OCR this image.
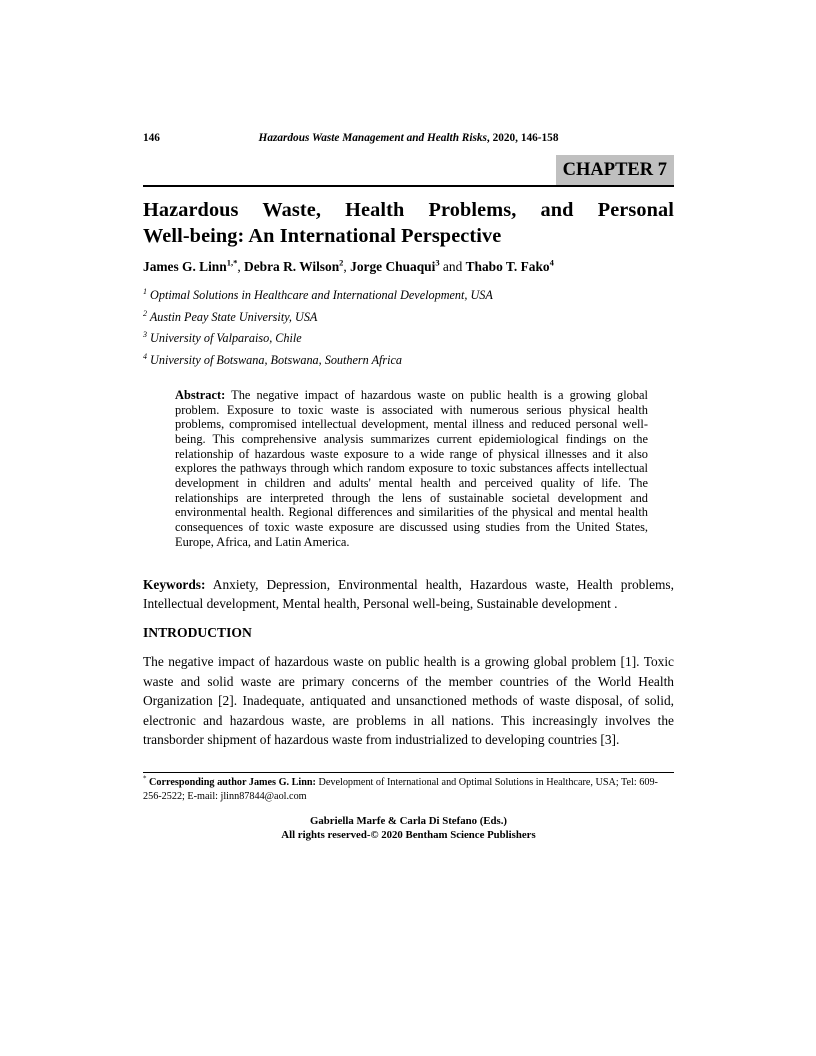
146	Hazardous Waste Management and Health Risks, 2020, 146-158
CHAPTER 7
Hazardous Waste, Health Problems, and Personal
Well-being: An International Perspective
James G. Linn$^{1,*}$, Debra R. Wilson$^2$, Jorge Chuaqui$^3$ and Thabo T. Fako$^4$
$^1$ Optimal Solutions in Healthcare and International Development, USA
$^2$ Austin Peay State University, USA
$^3$ University of Valparaiso, Chile
$^4$ University of Botswana, Botswana, Southern Africa
Abstract: The negative impact of hazardous waste on public health is a growing global problem. Exposure to toxic waste is associated with numerous serious physical health problems, compromised intellectual development, mental illness and reduced personal well-being. This comprehensive analysis summarizes current epidemiological findings on the relationship of hazardous waste exposure to a wide range of physical illnesses and it also explores the pathways through which random exposure to toxic substances affects intellectual development in children and adults' mental health and perceived quality of life. The relationships are interpreted through the lens of sustainable societal development and environmental health. Regional differences and similarities of the physical and mental health consequences of toxic waste exposure are discussed using studies from the United States, Europe, Africa, and Latin America.
Keywords: Anxiety, Depression, Environmental health, Hazardous waste, Health problems, Intellectual development, Mental health, Personal well-being, Sustainable development .
INTRODUCTION

The negative impact of hazardous waste on public health is a growing global problem [1]. Toxic waste and solid waste are primary concerns of the member countries of the World Health Organization [2]. Inadequate, antiquated and unsanctioned methods of waste disposal, of solid, electronic and hazardous waste, are problems in all nations. This increasingly involves the transborder shipment of hazardous waste from industrialized to developing countries [3].

* Corresponding author James G. Linn: Development of International and Optimal Solutions in Healthcare, USA; Tel: 609-256-2522; E-mail: jlinn87844@aol.com
Gabriella Marfe & Carla Di Stefano (Eds.)
All rights reserved-© 2020 Bentham Science Publishers
